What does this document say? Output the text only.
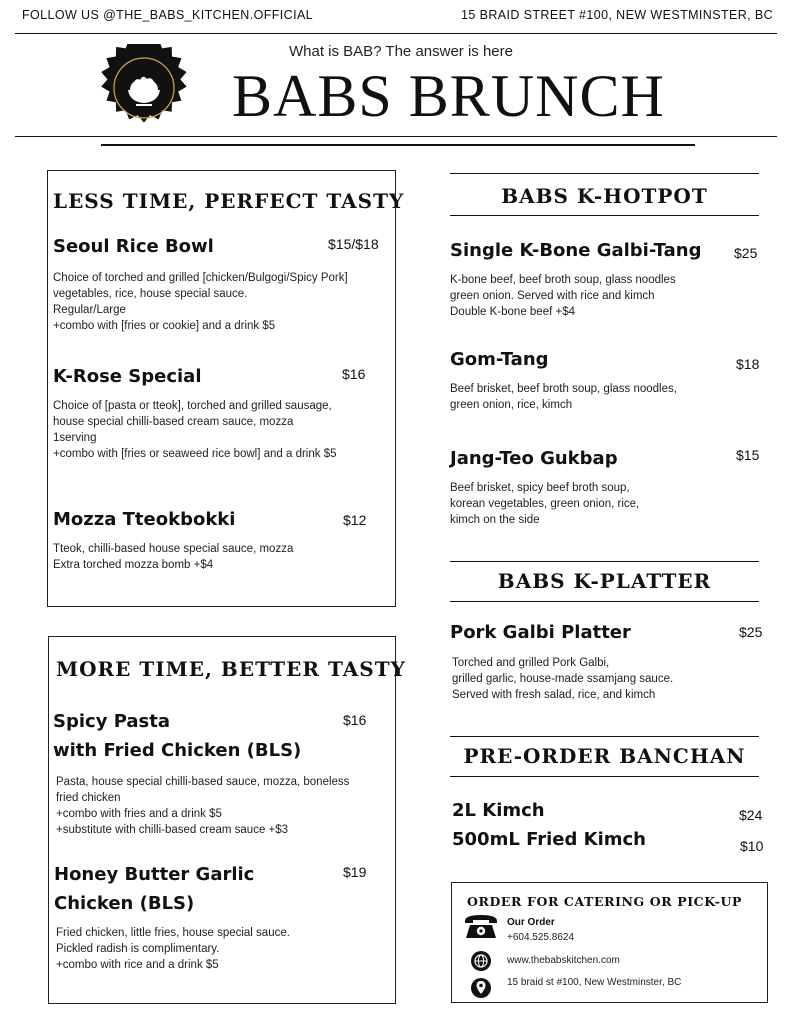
FOLLOW US @THE_BABS_KITCHEN.OFFICIAL	15 BRAID STREET #100, NEW WESTMINSTER, BC
What is BAB? The answer is here
BABS BRUNCH
LESS TIME, PERFECT TASTY
Seoul Rice Bowl	$15/$18
Choice of torched and grilled [chicken/Bulgogi/Spicy Pork]
vegetables, rice, house special sauce.
Regular/Large
+combo with [fries or cookie] and a drink $5
K-Rose Special	$16
Choice of [pasta or tteok], torched and grilled sausage,
house special chilli-based cream sauce, mozza
1serving
+combo with [fries or seaweed rice bowl] and a drink $5
Mozza Tteokbokki	$12
Tteok, chilli-based house special sauce, mozza
Extra torched mozza bomb +$4
MORE TIME, BETTER TASTY
Spicy Pasta
with Fried Chicken (BLS)
$16
Pasta, house special chilli-based sauce, mozza, boneless
fried chicken
+combo with fries and a drink $5
+substitute with chilli-based cream sauce +$3
Honey Butter Garlic
Chicken (BLS)
$19
Fried chicken, little fries, house special sauce.
Pickled radish is complimentary.
+combo with rice and a drink $5
BABS K-HOTPOT
Single K-Bone Galbi-Tang $25
K-bone beef, beef broth soup, glass noodles
green onion. Served with rice and kimch
Double K-bone beef +$4
Gom-Tang	$18
Beef brisket, beef broth soup, glass noodles,
green onion, rice, kimch
Jang-Teo Gukbap	$15
Beef brisket, spicy beef broth soup,
korean vegetables, green onion, rice,
kimch on the side
BABS K-PLATTER
Pork Galbi Platter	$25
Torched and grilled Pork Galbi,
grilled garlic, house-made ssamjang sauce.
Served with fresh salad, rice, and kimch
PRE-ORDER BANCHAN
2L Kimch	$24
500mL Fried Kimch	$10
ORDER FOR CATERING OR PICK-UP
Our Order
+604.525.8624
www.thebabskitchen.com
15 braid st #100, New Westminster, BC
